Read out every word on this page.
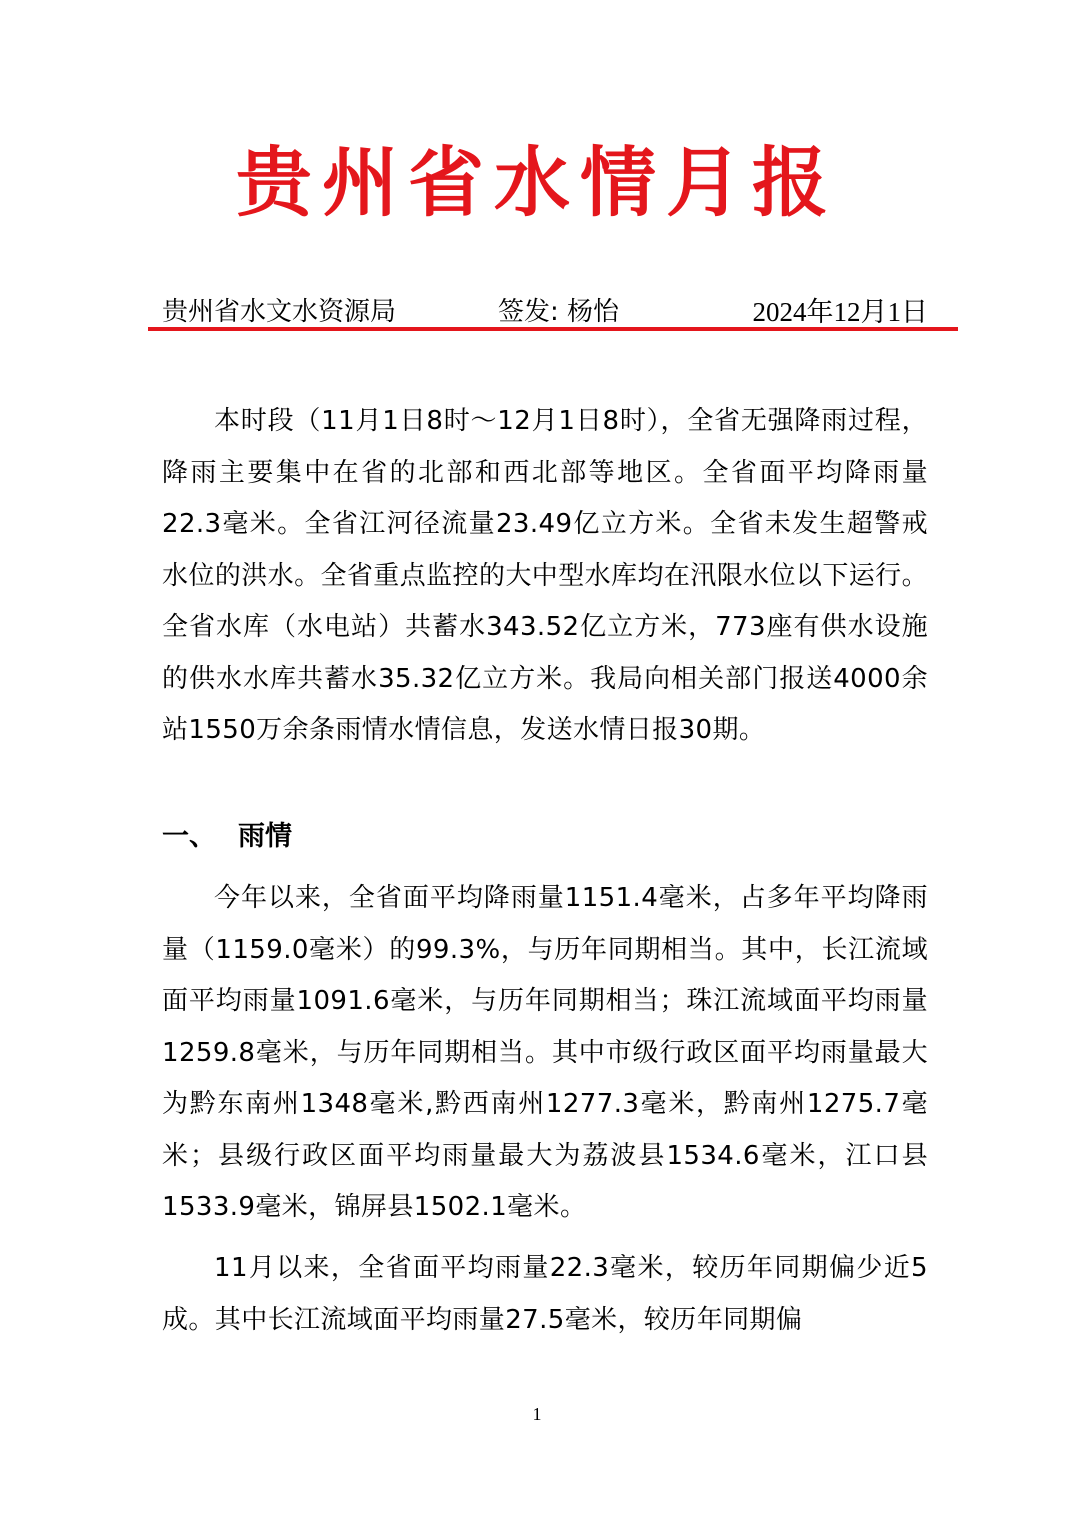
贵州省水情月报
贵州省水文水资源局	签发: 杨怡	2024年12月1日

本时段（11月1日8时～12月1日8时），全省无强降雨过程，降雨主要集中在省的北部和西北部等地区。全省面平均降雨量22.3毫米。全省江河径流量23.49亿立方米。全省未发生超警戒水位的洪水。全省重点监控的大中型水库均在汛限水位以下运行。全省水库（水电站）共蓄水343.52亿立方米，773座有供水设施的供水水库共蓄水35.32亿立方米。我局向相关部门报送4000余站1550万余条雨情水情信息，发送水情日报30期。

一、 雨情

今年以来，全省面平均降雨量1151.4毫米，占多年平均降雨量（1159.0毫米）的99.3%，与历年同期相当。其中，长江流域面平均雨量1091.6毫米，与历年同期相当；珠江流域面平均雨量1259.8毫米，与历年同期相当。其中市级行政区面平均雨量最大为黔东南州1348毫米,黔西南州1277.3毫米，黔南州1275.7毫米；县级行政区面平均雨量最大为荔波县1534.6毫米，江口县1533.9毫米，锦屏县1502.1毫米。

11月以来，全省面平均雨量22.3毫米，较历年同期偏少近5成。其中长江流域面平均雨量27.5毫米，较历年同期偏

1
